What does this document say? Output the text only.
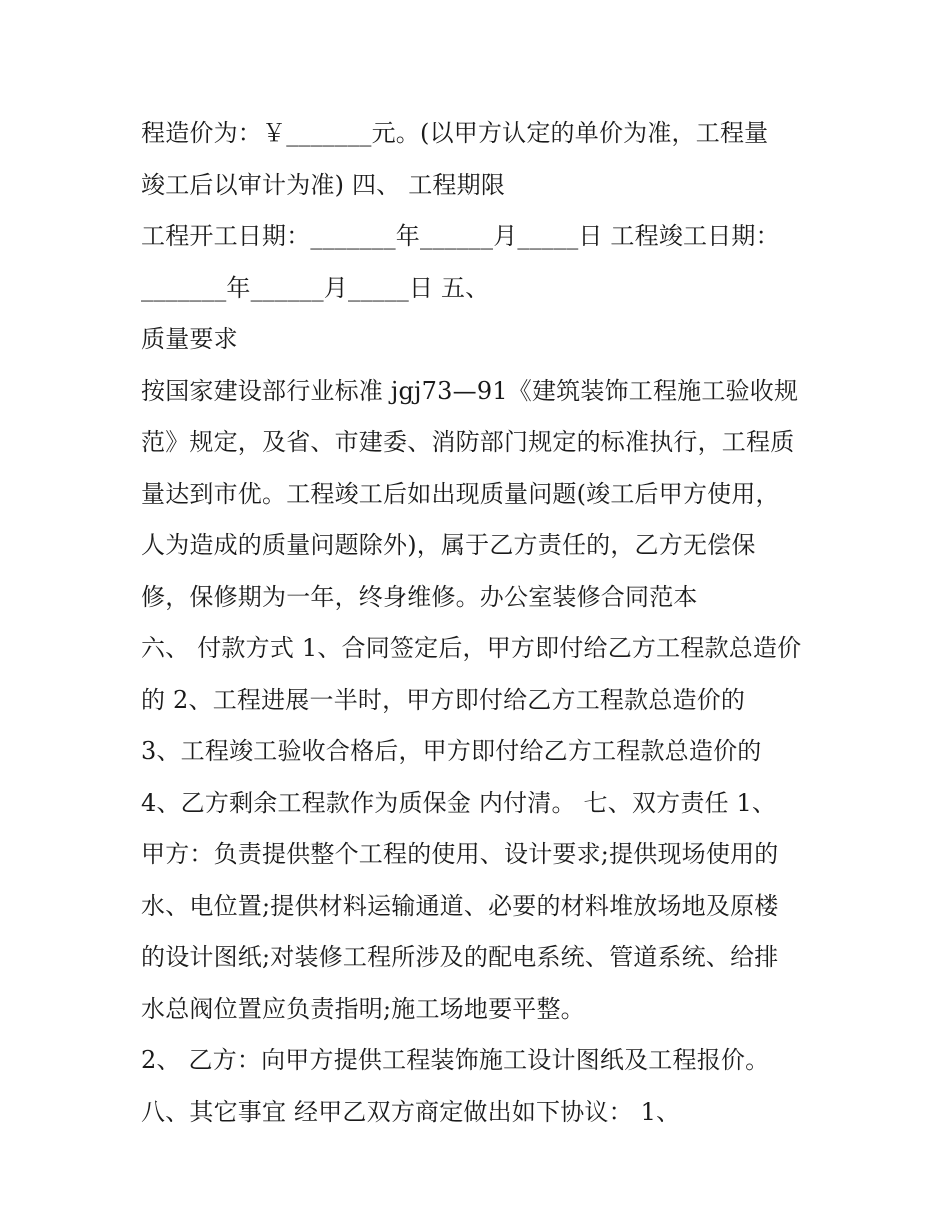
程造价为：￥_______元。(以甲方认定的单价为准，工程量
竣工后以审计为准) 四、 工程期限
工程开工日期：_______年______月_____日 工程竣工日期：
_______年______月_____日 五、
质量要求
按国家建设部行业标准 jgj73—91《建筑装饰工程施工验收规
范》规定，及省、市建委、消防部门规定的标准执行，工程质
量达到市优。工程竣工后如出现质量问题(竣工后甲方使用，
人为造成的质量问题除外)，属于乙方责任的，乙方无偿保
修，保修期为一年，终身维修。办公室装修合同范本
六、 付款方式 1、合同签定后，甲方即付给乙方工程款总造价
的 2、工程进展一半时，甲方即付给乙方工程款总造价的
3、工程竣工验收合格后，甲方即付给乙方工程款总造价的
4、乙方剩余工程款作为质保金 内付清。 七、双方责任 1、
甲方：负责提供整个工程的使用、设计要求;提供现场使用的
水、电位置;提供材料运输通道、必要的材料堆放场地及原楼
的设计图纸;对装修工程所涉及的配电系统、管道系统、给排
水总阀位置应负责指明;施工场地要平整。
2、 乙方：向甲方提供工程装饰施工设计图纸及工程报价。
八、其它事宜 经甲乙双方商定做出如下协议： 1、
